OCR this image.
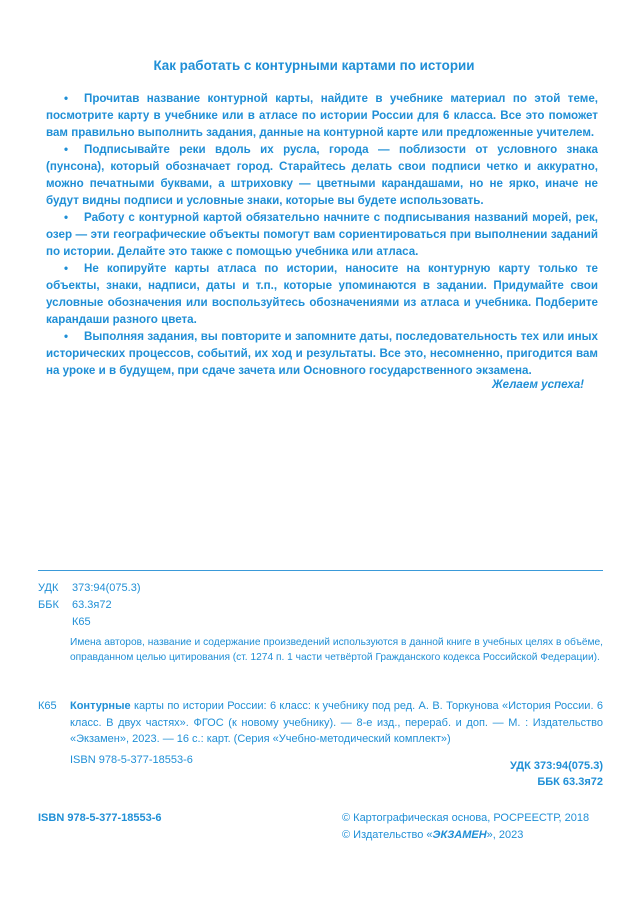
Как работать с контурными картами по истории

• Прочитав название контурной карты, найдите в учебнике материал по этой теме, посмотрите карту в учебнике или в атласе по истории России для 6 класса. Все это поможет вам правильно выполнить задания, данные на контурной карте или предложенные учителем.

• Подписывайте реки вдоль их русла, города — поблизости от условного знака (пунсона), который обозначает город. Старайтесь делать свои подписи четко и аккуратно, можно печатными буквами, а штриховку — цветными карандашами, но не ярко, иначе не будут видны подписи и условные знаки, которые вы будете использовать.

• Работу с контурной картой обязательно начните с подписывания названий морей, рек, озер — эти географические объекты помогут вам сориентироваться при выполнении заданий по истории. Делайте это также с помощью учебника или атласа.

• Не копируйте карты атласа по истории, наносите на контурную карту только те объекты, знаки, надписи, даты и т.п., которые упоминаются в задании. Придумайте свои условные обозначения или воспользуйтесь обозначениями из атласа и учебника. Подберите карандаши разного цвета.

• Выполняя задания, вы повторите и запомните даты, последовательность тех или иных исторических процессов, событий, их ход и результаты. Все это, несомненно, пригодится вам на уроке и в будущем, при сдаче зачета или Основного государственного экзамена.

Желаем успеха!
УДК 373:94(075.3)
ББК 63.3я72
К65
Имена авторов, название и содержание произведений используются в данной книге в учебных целях в объёме, оправданном целью цитирования (ст. 1274 п. 1 части четвёртой Гражданского кодекса Российской Федерации).
К65 Контурные карты по истории России: 6 класс: к учебнику под ред. А. В. Торкунова «История России. 6 класс. В двух частях». ФГОС (к новому учебнику). — 8-е изд., перераб. и доп. — М. : Издательство «Экзамен», 2023. — 16 с.: карт. (Серия «Учебно-методический комплект»)
ISBN 978-5-377-18553-6
УДК 373:94(075.3)
ББК 63.3я72
ISBN 978-5-377-18553-6	© Картографическая основа, РОСРЕЕСТР, 2018
© Издательство «ЭКЗАМЕН», 2023
